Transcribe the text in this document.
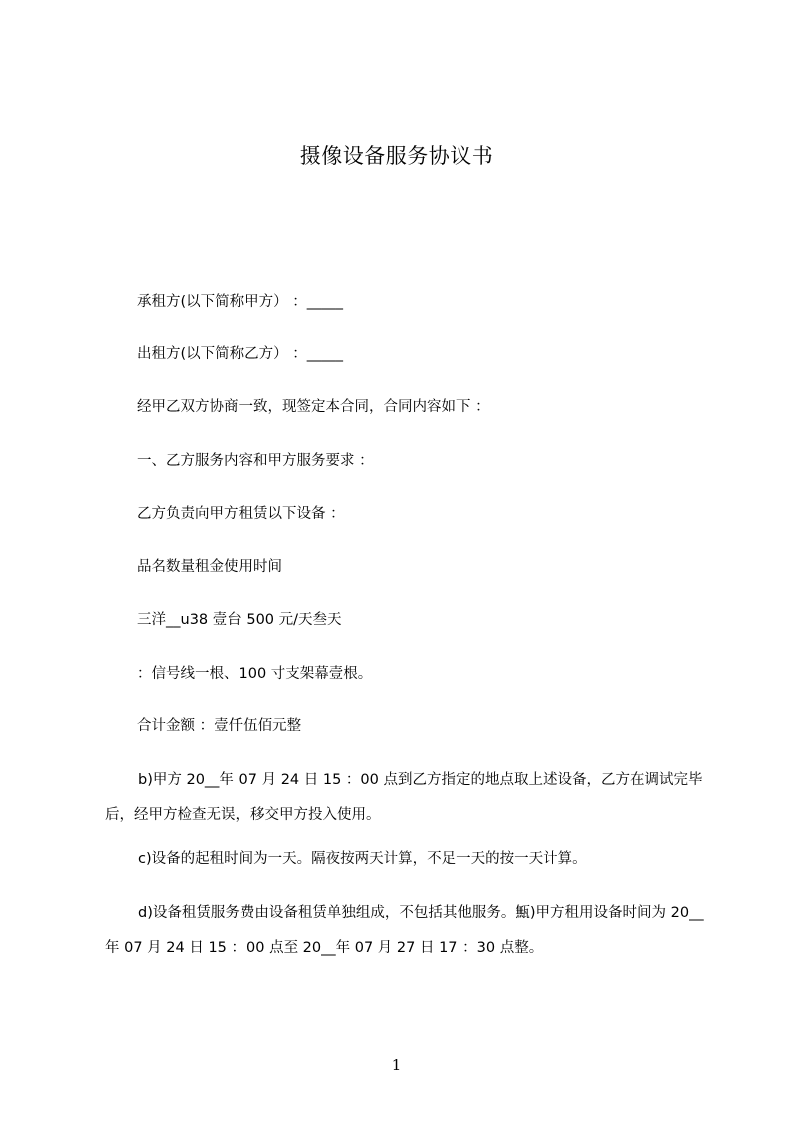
摄像设备服务协议书
承租方(以下简称甲方） ：_____
出租方(以下简称乙方） ：_____
经甲乙双方协商一致，现签定本合同，合同内容如下 ：
一、乙方服务内容和甲方服务要求 ：
乙方负责向甲方租赁以下设备 ：
品名数量租金使用时间
三洋__u38 壹台 500 元/天叁天
：信号线一根、100 寸支架幕壹根。
合计金额 ：壹仟伍佰元整
b)甲方 20__年 07 月 24 日 15 ：00 点到乙方指定的地点取上述设备，乙方在调试完毕后，经甲方检查无误，移交甲方投入使用。
c)设备的起租时间为一天。隔夜按两天计算，不足一天的按一天计算。
d)设备租赁服务费由设备租赁单独组成，不包括其他服务。甒)甲方租用设备时间为 20__年 07 月 24 日 15 ：00 点至 20__年 07 月 27 日 17 ：30 点整。
1
